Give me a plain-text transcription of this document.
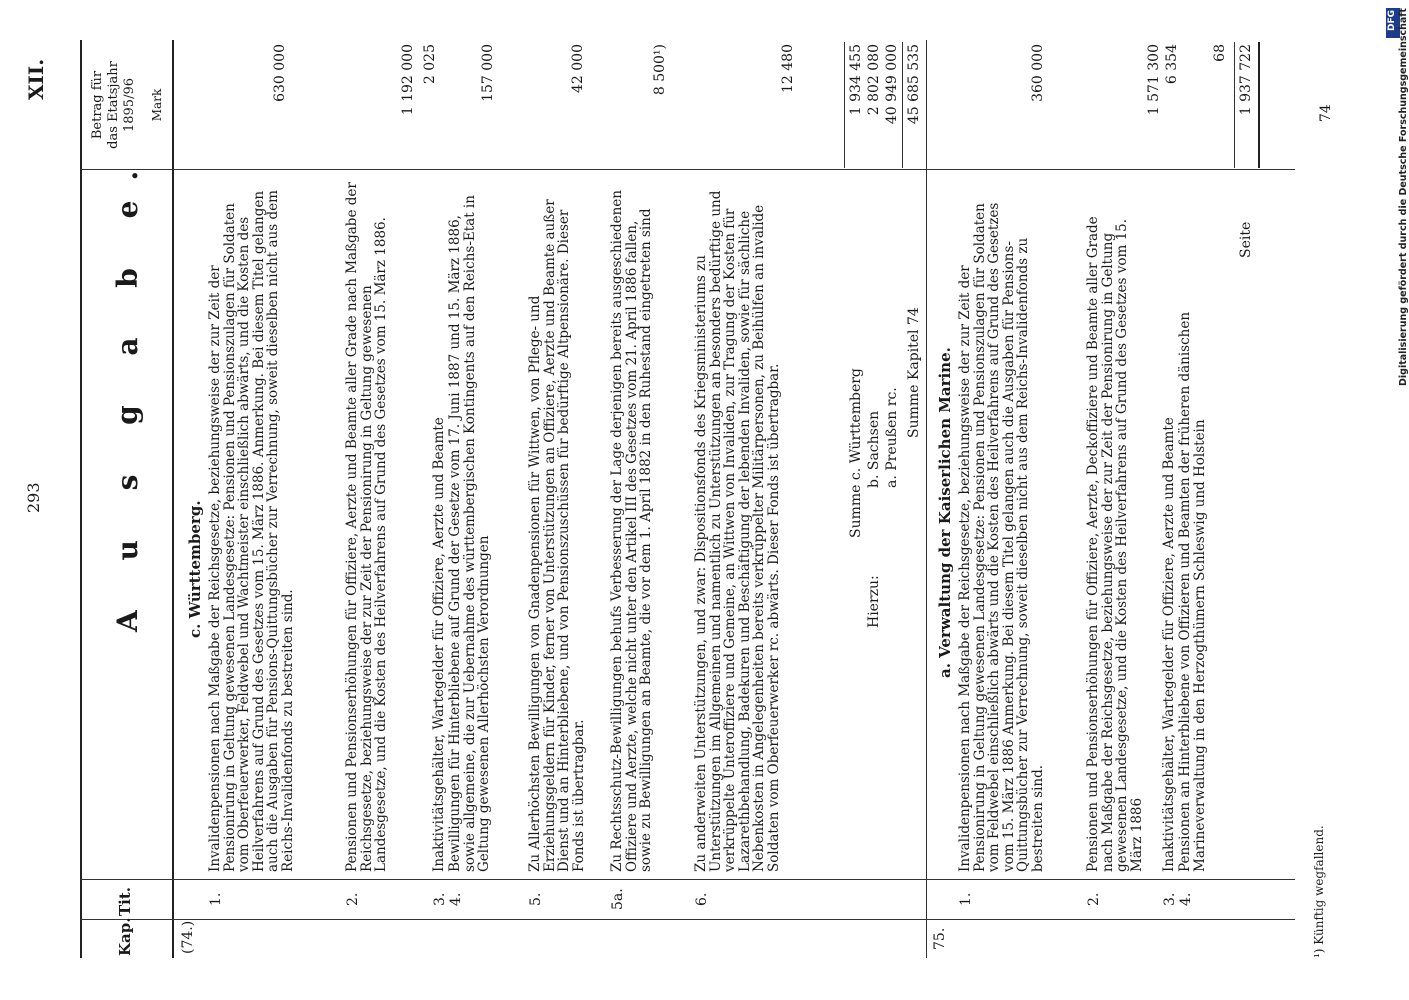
293
XII.
A u s g a b e.
Kap.
Tit.
Betrag für das Etatsjahr 1895/96 Mark
(74.)
c. Württemberg.
1.
Invalidenpensionen nach Maßgabe der Reichsgesetze, beziehungsweise der zur Zeit der Pensionirung in Geltung gewesenen Landesgesetze: Pensionen und Pensionszulagen für Soldaten vom Oberfeuerwerker, Feldwebel und Wachtmeister einschließlich abwärts, und die Kosten des Heilverfahrens auf Grund des Gesetzes vom 15. März 1886. Anmerkung. Bei diesem Titel gelangen auch die Ausgaben für Pensions-Quittungsbücher zur Verrechnung, soweit dieselben nicht aus dem Reichs-Invalidenfonds zu bestreiten sind.
630 000
2.
Pensionen und Pensionserhöhungen für Offiziere, Aerzte und Beamte aller Grade nach Maßgabe der Reichsgesetze, beziehungsweise der zur Zeit der Pensionirung in Geltung gewesenen Landesgesetze, und die Kosten des Heilverfahrens auf Grund des Gesetzes vom 15. März 1886.
1 192 000
3.
Inaktivitätsgehälter, Wartegelder für Offiziere, Aerzte und Beamte
2 025
4.
Bewilligungen für Hinterbliebene auf Grund der Gesetze vom 17. Juni 1887 und 15. März 1886, sowie allgemeine, die zur Uebernahme des württembergischen Kontingents auf den Reichs-Etat in Geltung gewesenen Allerhöchsten Verordnungen
157 000
5.
Zu Allerhöchsten Bewilligungen von Gnadenpensionen für Wittwen, von Pflege- und Erziehungsgeldern für Kinder, ferner von Unterstützungen an Offiziere, Aerzte und Beamte außer Dienst und an Hinterbliebene, und von Pensionszuschüssen für bedürftige Altpensionäre. Dieser Fonds ist übertragbar.
42 000
5a.
Zu Rechtsschutz-Bewilligungen behufs Verbesserung der Lage derjenigen bereits ausgeschiedenen Offiziere und Aerzte, welche nicht unter den Artikel III des Gesetzes vom 21. April 1886 fallen, sowie zu Bewilligungen an Beamte, die vor dem 1. April 1882 in den Ruhestand eingetreten sind
8 500¹)
6.
Zu anderweiten Unterstützungen, und zwar: Dispositionsfonds des Kriegsministeriums zu Unterstützungen im Allgemeinen und namentlich zu Unterstützungen an besonders bedürftige und verkrüppelte Unteroffiziere und Gemeine, an Wittwen von Invaliden, zur Tragung der Kosten für Lazarethbehandlung, Badekuren und Beschäftigung der lebenden Invaliden, sowie für sächliche Nebenkosten in Angelegenheiten bereits verkrüppelter Militärpersonen, zu Beihülfen an invalide Soldaten vom Oberfeuerwerker rc. abwärts. Dieser Fonds ist übertragbar.
12 480
Summe c. Württemberg
1 934 455
Hierzu:
b. Sachsen
2 802 080
a. Preußen rc.
40 949 000
Summe Kapitel 74
45 685 535
75.
a. Verwaltung der Kaiserlichen Marine.
1.
Invalidenpensionen nach Maßgabe der Reichsgesetze, beziehungsweise der zur Zeit der Pensionirung in Geltung gewesenen Landesgesetze: Pensionen und Pensionszulagen für Soldaten vom Feldwebel einschließlich abwärts und die Kosten des Heilverfahrens auf Grund des Gesetzes vom 15. März 1886 Anmerkung. Bei diesem Titel gelangen auch die Ausgaben für Pensions-Quittungsbücher zur Verrechnung, soweit dieselben nicht aus dem Reichs-Invalidenfonds zu bestreiten sind.
360 000
2.
Pensionen und Pensionserhöhungen für Offiziere, Aerzte, Deckoffiziere und Beamte aller Grade nach Maßgabe der Reichsgesetze, beziehungsweise der zur Zeit der Pensionirung in Geltung gewesenen Landesgesetze, und die Kosten des Heilverfahrens auf Grund des Gesetzes vom 15. März 1886
1 571 300
3.
Inaktivitätsgehälter, Wartegelder für Offiziere, Aerzte und Beamte
6 354
4.
Pensionen an Hinterbliebene von Offizieren und Beamten der früheren dänischen Marineverwaltung in den Herzogthümern Schleswig und Holstein
68
Seite
1 937 722
¹) Künftig wegfallend.
74
DFG Digitalisierung gefördert durch die Deutsche Forschungsgemeinschaft
